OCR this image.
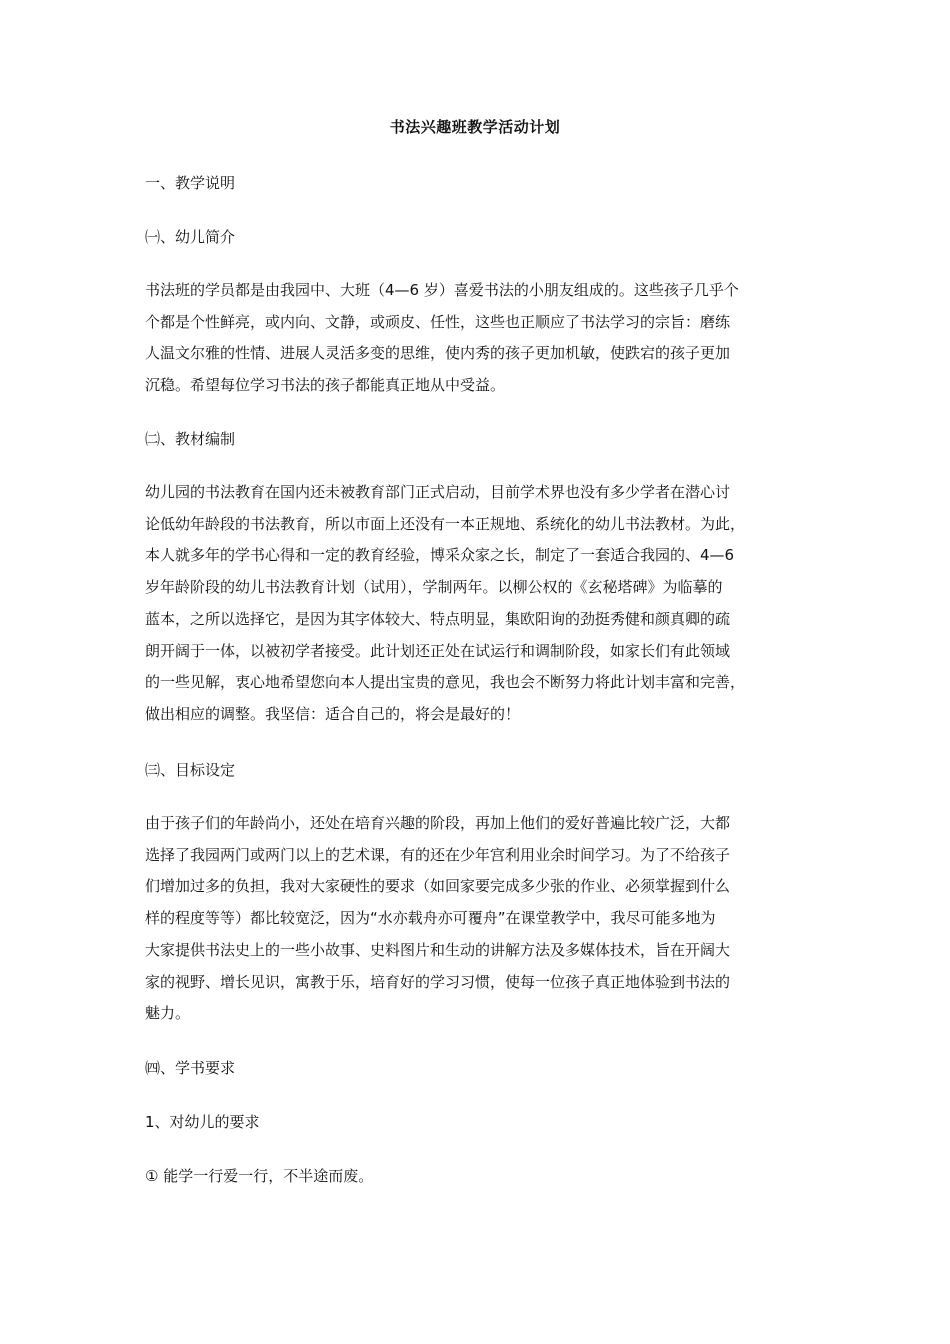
书法兴趣班教学活动计划
一、教学说明
㈠、幼儿简介
书法班的学员都是由我园中、大班（4—6 岁）喜爱书法的小朋友组成的。这些孩子几乎个
个都是个性鲜亮，或内向、文静，或顽皮、任性，这些也正顺应了书法学习的宗旨：磨练
人温文尔雅的性情、进展人灵活多变的思维，使内秀的孩子更加机敏，使跌宕的孩子更加
沉稳。希望每位学习书法的孩子都能真正地从中受益。
㈡、教材编制
幼儿园的书法教育在国内还未被教育部门正式启动，目前学术界也没有多少学者在潜心讨
论低幼年龄段的书法教育，所以市面上还没有一本正规地、系统化的幼儿书法教材。为此，
本人就多年的学书心得和一定的教育经验，博采众家之长，制定了一套适合我园的、4—6
岁年龄阶段的幼儿书法教育计划（试用），学制两年。以柳公权的《玄秘塔碑》为临摹的
蓝本，之所以选择它，是因为其字体较大、特点明显，集欧阳询的劲挺秀健和颜真卿的疏
朗开阔于一体，以被初学者接受。此计划还正处在试运行和调制阶段，如家长们有此领域
的一些见解，衷心地希望您向本人提出宝贵的意见，我也会不断努力将此计划丰富和完善，
做出相应的调整。我坚信：适合自己的，将会是最好的！
㈢、目标设定
由于孩子们的年龄尚小，还处在培育兴趣的阶段，再加上他们的爱好普遍比较广泛，大都
选择了我园两门或两门以上的艺术课，有的还在少年宫利用业余时间学习。为了不给孩子
们增加过多的负担，我对大家硬性的要求（如回家要完成多少张的作业、必须掌握到什么
样的程度等等）都比较宽泛，因为“水亦载舟亦可覆舟”在课堂教学中，我尽可能多地为
大家提供书法史上的一些小故事、史料图片和生动的讲解方法及多媒体技术，旨在开阔大
家的视野、增长见识，寓教于乐，培育好的学习习惯，使每一位孩子真正地体验到书法的
魅力。
㈣、学书要求
1、对幼儿的要求
① 能学一行爱一行，不半途而废。
